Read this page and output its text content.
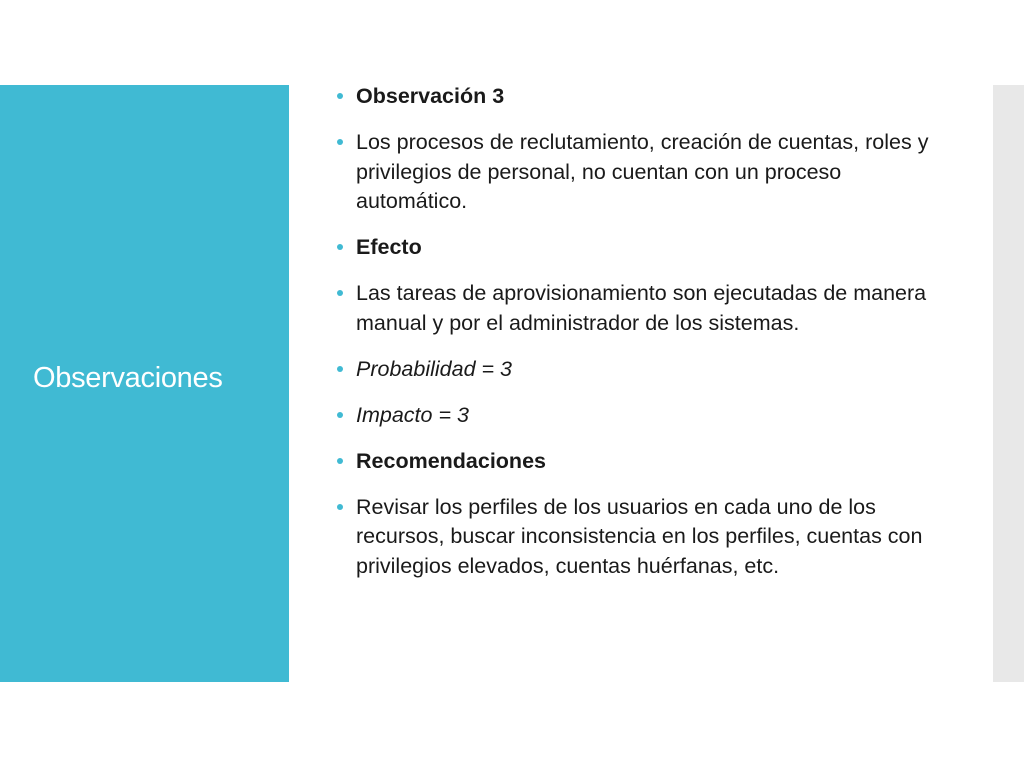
Observaciones
Observación 3
Los procesos de reclutamiento, creación de cuentas, roles y privilegios de personal, no cuentan con un proceso automático.
Efecto
Las tareas de aprovisionamiento son ejecutadas de manera manual y por el administrador de los sistemas.
Probabilidad = 3
Impacto = 3
Recomendaciones
Revisar los perfiles de los usuarios en cada uno de los recursos, buscar inconsistencia en los perfiles, cuentas con privilegios elevados, cuentas huérfanas, etc.
